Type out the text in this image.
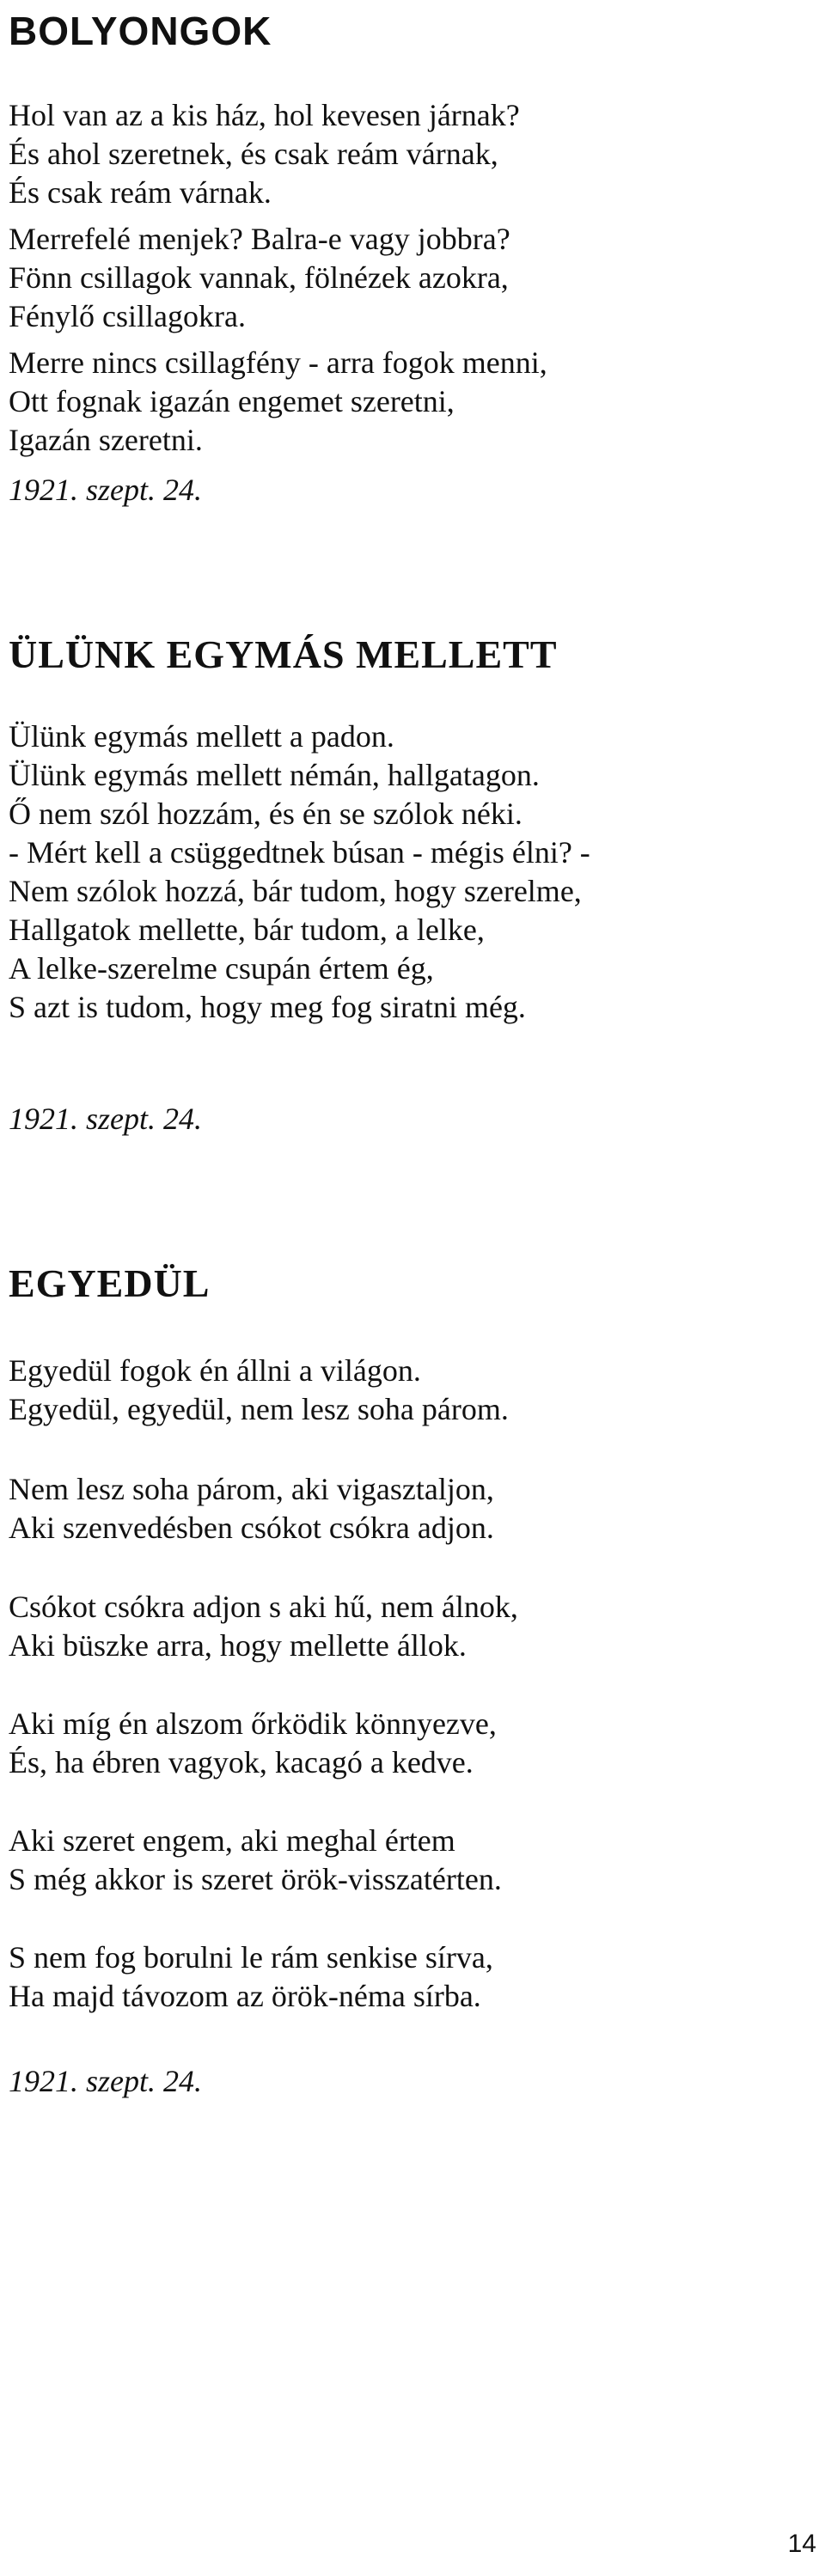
BOLYONGOK
Hol van az a kis ház, hol kevesen járnak?
És ahol szeretnek, és csak reám várnak,
És csak reám várnak.
Merrefelé menjek? Balra-e vagy jobbra?
Fönn csillagok vannak, fölnézek azokra,
Fénylő csillagokra.
Merre nincs csillagfény - arra fogok menni,
Ott fognak igazán engemet szeretni,
Igazán szeretni.
1921. szept. 24.
ÜLÜNK EGYMÁS MELLETT
Ülünk egymás mellett a padon.
Ülünk egymás mellett némán, hallgatagon.
Ő nem szól hozzám, és én se szólok néki.
- Mért kell a csüggedtnek búsan - mégis élni? -
Nem szólok hozzá, bár tudom, hogy szerelme,
Hallgatok mellette, bár tudom, a lelke,
A lelke-szerelme csupán értem ég,
S azt is tudom, hogy meg fog siratni még.
1921. szept. 24.
EGYEDÜL
Egyedül fogok én állni a világon.
Egyedül, egyedül, nem lesz soha párom.
Nem lesz soha párom, aki vigasztaljon,
Aki szenvedésben csókot csókra adjon.
Csókot csókra adjon s aki hű, nem álnok,
Aki büszke arra, hogy mellette állok.
Aki míg én alszom őrködik könnyezve,
És, ha ébren vagyok, kacagó a kedve.
Aki szeret engem, aki meghal értem
S még akkor is szeret örök-visszatérten.
S nem fog borulni le rám senkise sírva,
Ha majd távozom az örök-néma sírba.
1921. szept. 24.
14
